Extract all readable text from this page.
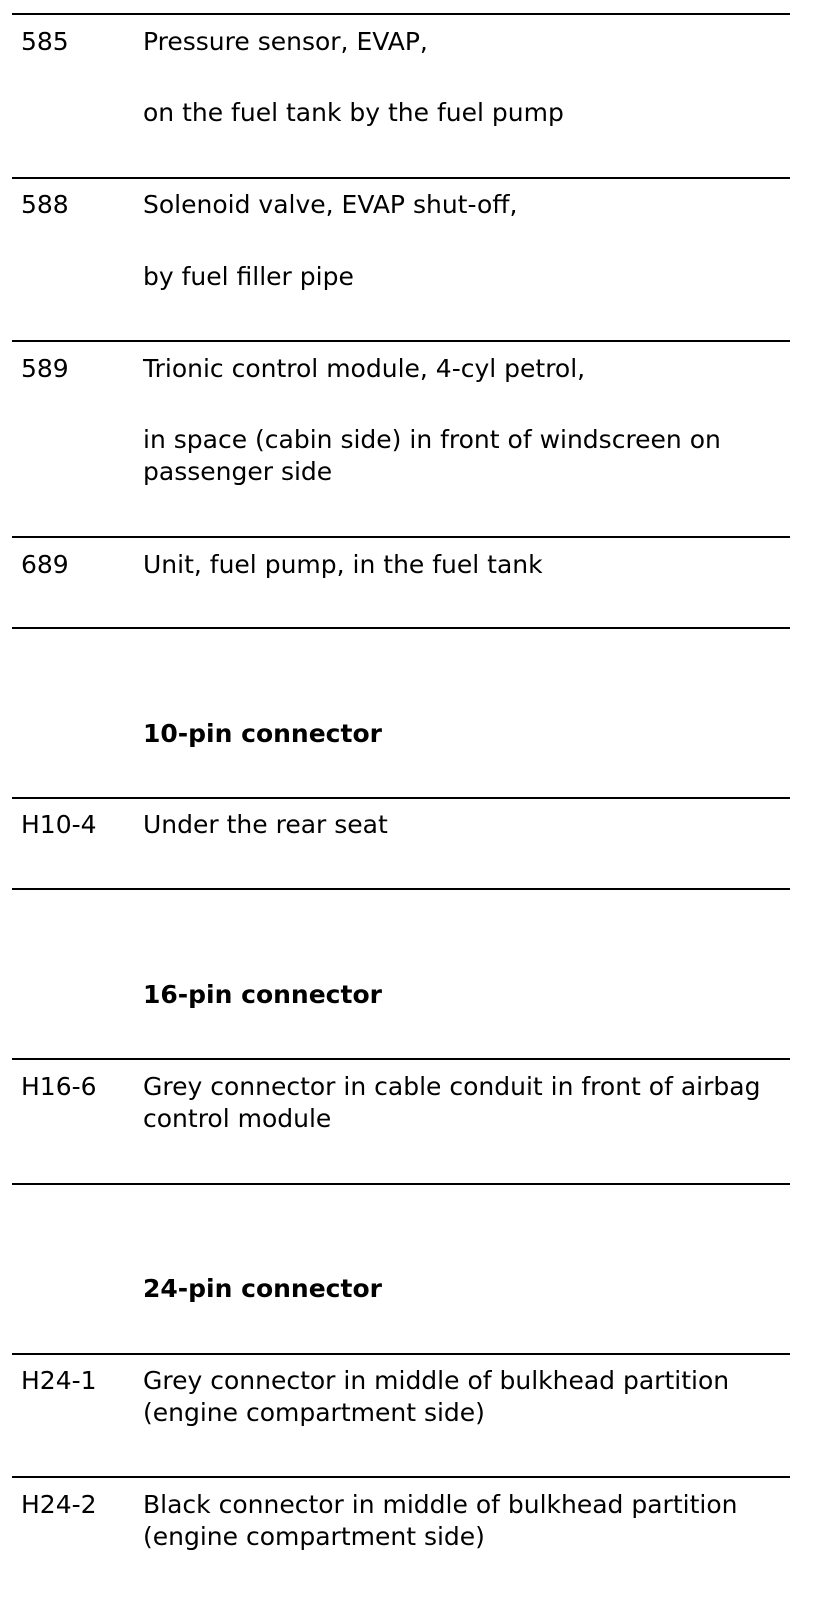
585	Pressure sensor, EVAP,
on the fuel tank by the fuel pump
588	Solenoid valve, EVAP shut-off,
by fuel filler pipe
589	Trionic control module, 4-cyl petrol,
in space (cabin side) in front of windscreen on passenger side
689	Unit, fuel pump, in the fuel tank
10-pin connector
H10-4 Under the rear seat
16-pin connector
H16-6 Grey connector in cable conduit in front of airbag control module
24-pin connector
H24-1 Grey connector in middle of bulkhead partition (engine compartment side)
H24-2 Black connector in middle of bulkhead partition (engine compartment side)
